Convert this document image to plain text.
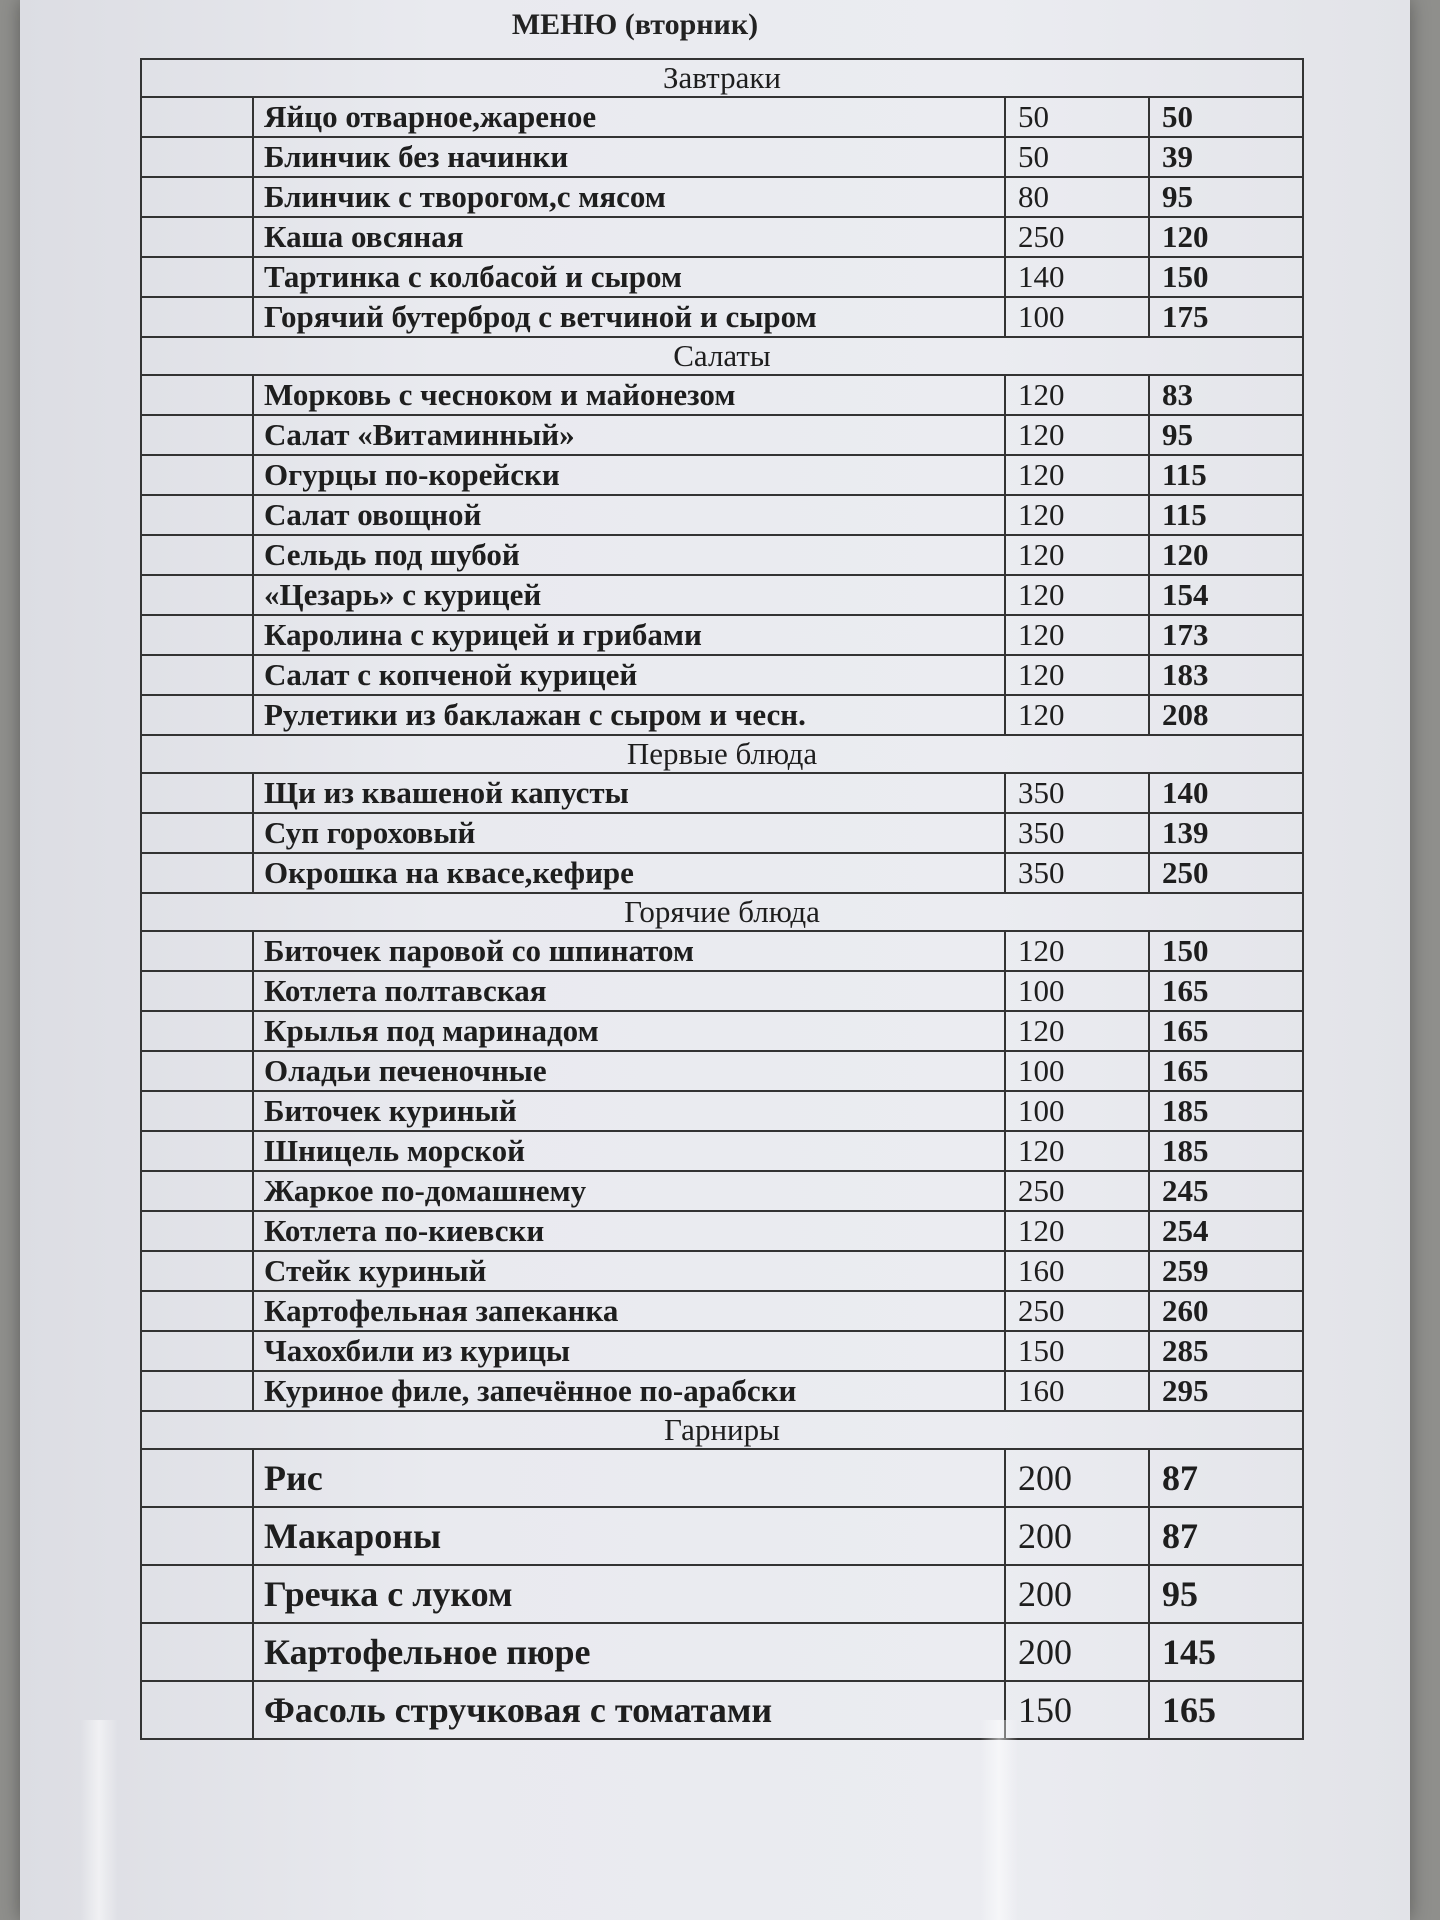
МЕНЮ (вторник)
Завтраки
Яйцо отварное,жареное	50	50
Блинчик без начинки	50	39
Блинчик с творогом,с мясом	80	95
Каша овсяная	250	120
Тартинка с колбасой и сыром	140	150
Горячий бутерброд с ветчиной и сыром	100	175
Салаты
Морковь с чесноком и майонезом	120	83
Салат «Витаминный»	120	95
Огурцы по-корейски	120	115
Салат овощной	120	115
Сельдь под шубой	120	120
«Цезарь» с курицей	120	154
Каролина с курицей и грибами	120	173
Салат с копченой курицей	120	183
Рулетики из баклажан с сыром и чесн.	120	208
Первые блюда
Щи из квашеной капусты	350	140
Суп гороховый	350	139
Окрошка на квасе,кефире	350	250
Горячие блюда
Биточек паровой со шпинатом	120	150
Котлета полтавская	100	165
Крылья под маринадом	120	165
Оладьи печеночные	100	165
Биточек куриный	100	185
Шницель морской	120	185
Жаркое по-домашнему	250	245
Котлета по-киевски	120	254
Стейк куриный	160	259
Картофельная запеканка	250	260
Чахохбили из курицы	150	285
Куриное филе, запечённое по-арабски	160	295
Гарниры
Рис	200	87
Макароны	200	87
Гречка с луком	200	95
Картофельное пюре	200	145
Фасоль стручковая с томатами	150	165
